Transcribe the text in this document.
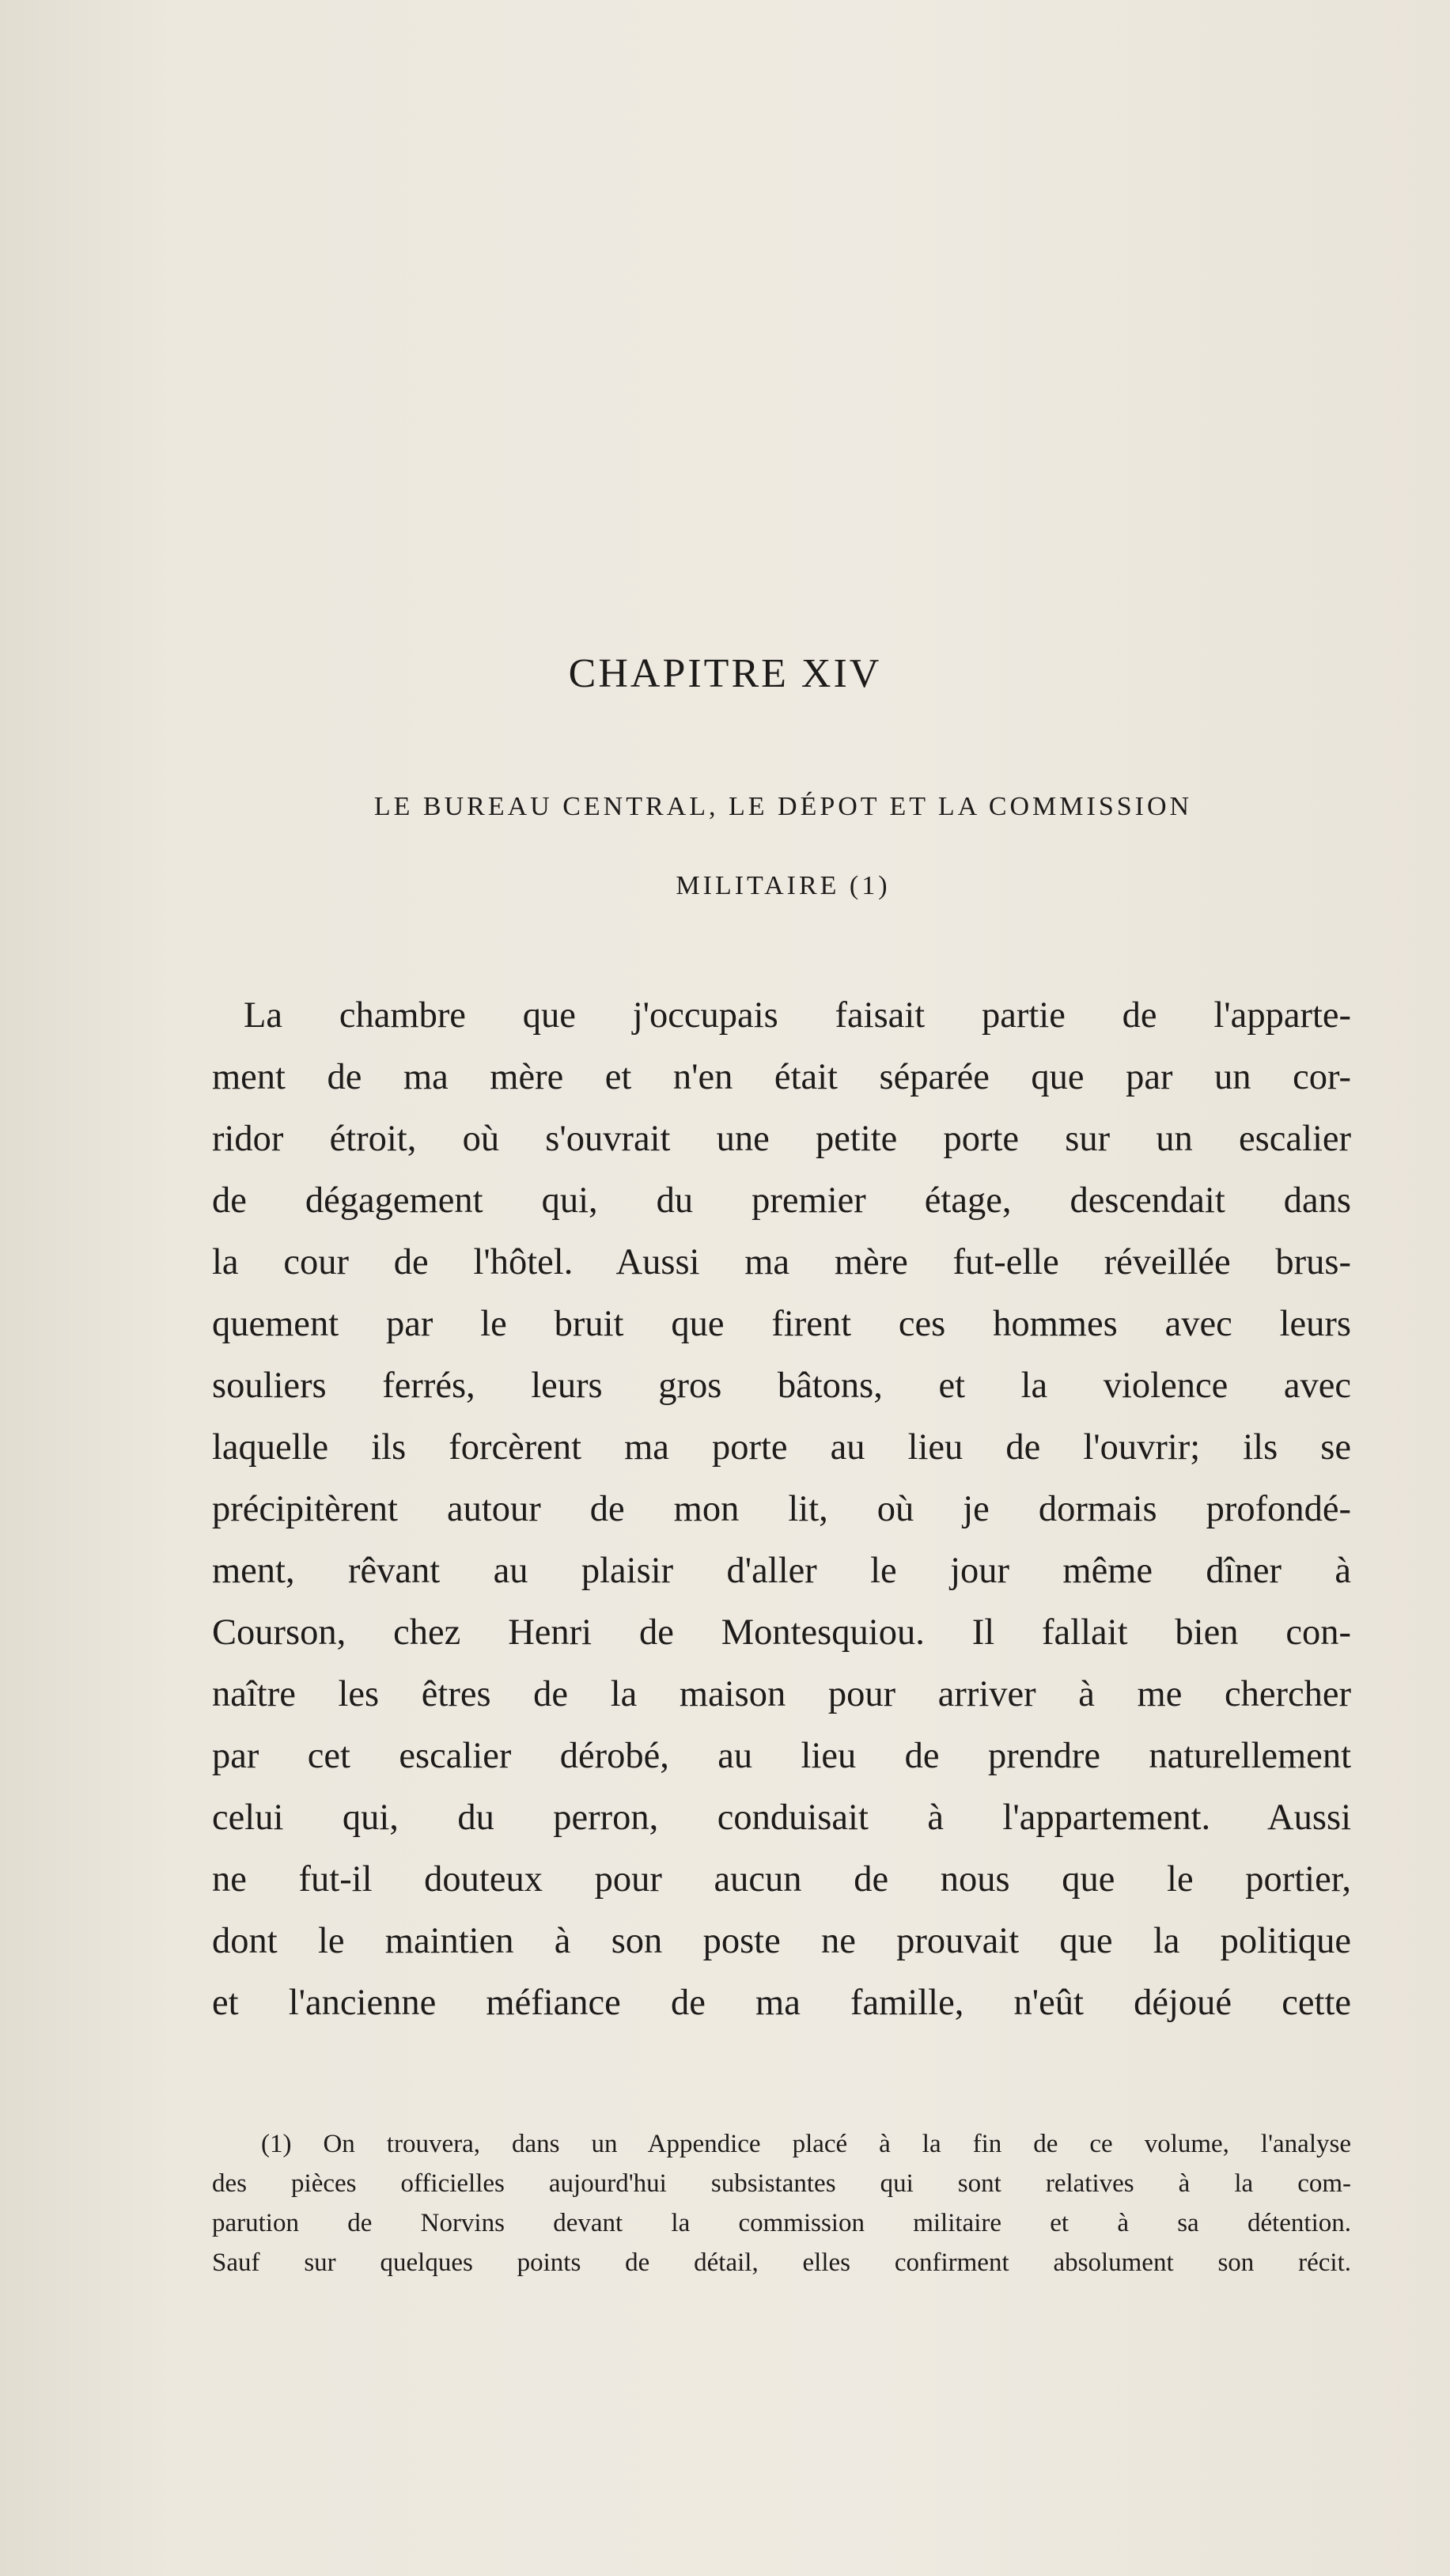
CHAPITRE XIV
LE BUREAU CENTRAL, LE DÉPOT ET LA COMMISSION
MILITAIRE (1)
La chambre que j'occupais faisait partie de l'apparte-
ment de ma mère et n'en était séparée que par un cor-
ridor étroit, où s'ouvrait une petite porte sur un escalier
de dégagement qui, du premier étage, descendait dans
la cour de l'hôtel. Aussi ma mère fut-elle réveillée brus-
quement par le bruit que firent ces hommes avec leurs
souliers ferrés, leurs gros bâtons, et la violence avec
laquelle ils forcèrent ma porte au lieu de l'ouvrir; ils se
précipitèrent autour de mon lit, où je dormais profondé-
ment, rêvant au plaisir d'aller le jour même dîner à
Courson, chez Henri de Montesquiou. Il fallait bien con-
naître les êtres de la maison pour arriver à me chercher
par cet escalier dérobé, au lieu de prendre naturellement
celui qui, du perron, conduisait à l'appartement. Aussi
ne fut-il douteux pour aucun de nous que le portier,
dont le maintien à son poste ne prouvait que la politique
et l'ancienne méfiance de ma famille, n'eût déjoué cette
(1) On trouvera, dans un Appendice placé à la fin de ce volume, l'analyse
des pièces officielles aujourd'hui subsistantes qui sont relatives à la com-
parution de Norvins devant la commission militaire et à sa détention.
Sauf sur quelques points de détail, elles confirment absolument son récit.
